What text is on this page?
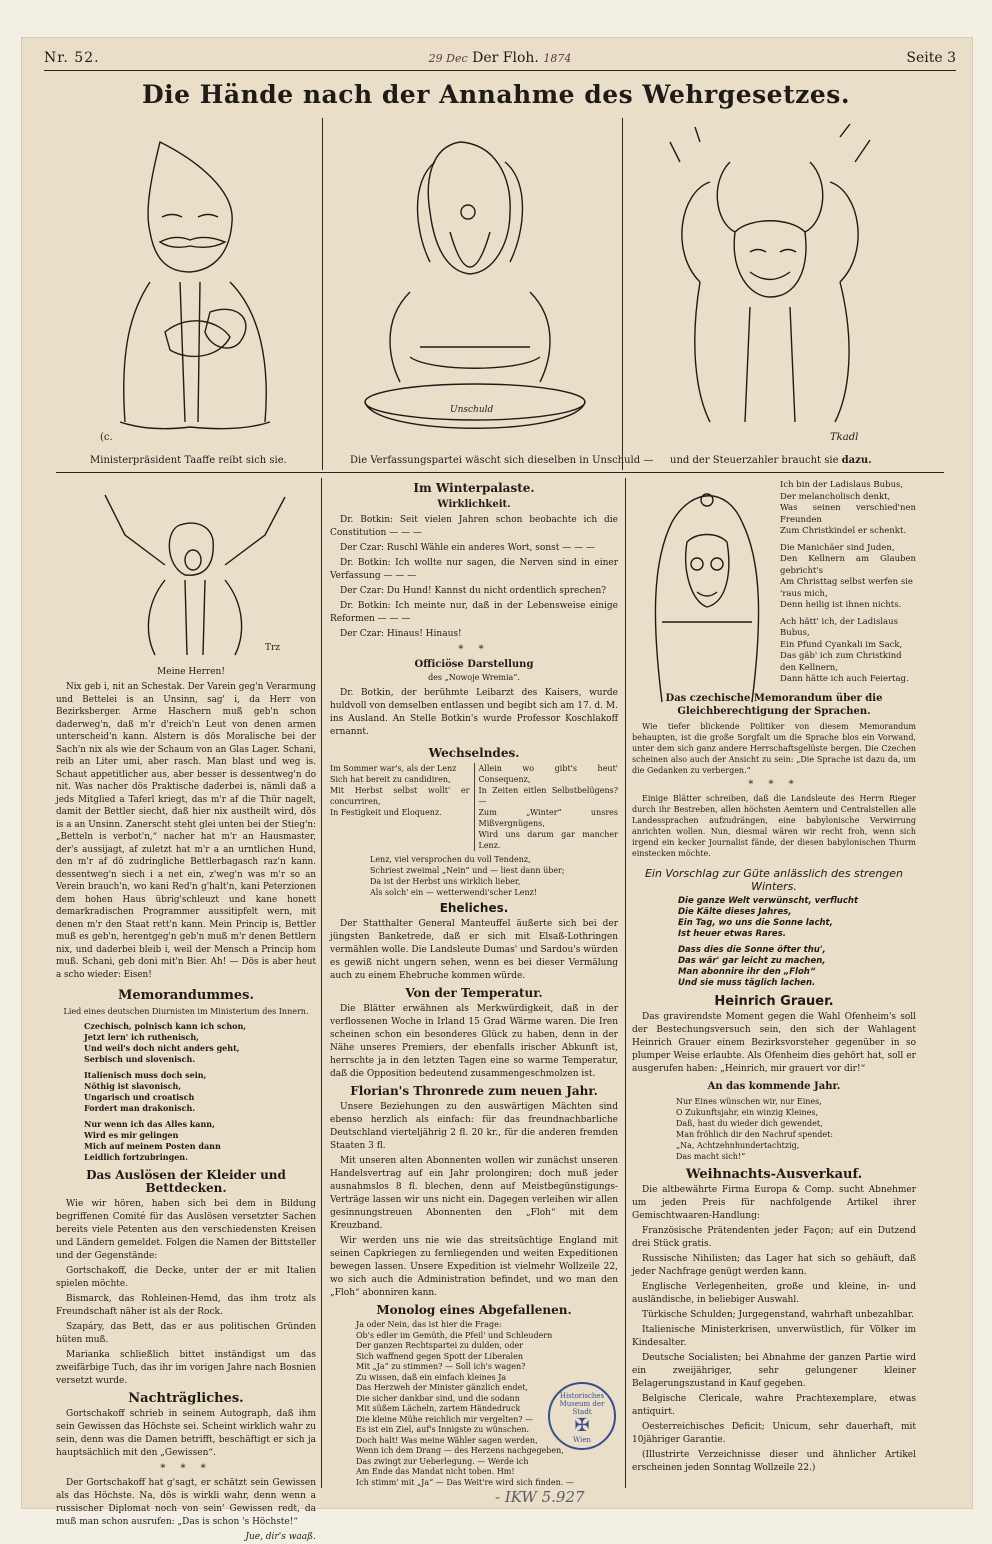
Nr. 52.	29 Dec Der Floh. 1874	Seite 3
Die Hände nach der Annahme des Wehrgesetzes.
(c.
Ministerpräsident Taaffe reibt sich sie.
Unschuld
Die Verfassungspartei wäscht sich dieselben in Unschuld —
Tkadl
und der Steuerzahler braucht sie dazu.
Trz

Meine Herren!

Nix geb i, nit an Schestak. Der Varein geg'n Verarmung und Bettelei is an Unsinn, sag' i, da Herr von Bezirksberger. Arme Haschern muß geb'n schon daderweg'n, daß m'r d'reich'n Leut von denen armen unterscheid'n kann. Alstern is dös Moralische bei der Sach'n nix als wie der Schaum von an Glas Lager. Schani, reib an Liter umi, aber rasch. Man blast und weg is. Schaut appetitlicher aus, aber besser is dessentweg'n do nit. Was nacher dös Praktische daderbei is, nämli daß a jeds Mitglied a Taferl kriegt, das m'r af die Thür nagelt, damit der Bettler siecht, daß hier nix austheilt wird, dös is a an Unsinn. Zanerscht steht glei unten bei der Stieg'n: „Betteln is verbot'n,“ nacher hat m'r an Hausmaster, der's aussijagt, af zuletzt hat m'r a an urntlichen Hund, den m'r af dö zudringliche Bettlerbagasch raz'n kann. dessentweg'n siech i a net ein, z'weg'n was m'r so an Verein brauch'n, wo kani Red'n g'halt'n, kani Peterzionen dem hohen Haus übrig'schleuzt und kane honett demarkradischen Programmer aussitipfelt wern, mit denen m'r den Staat rett'n kann. Mein Princip is, Bettler muß es geb'n, herentgeg'n geb'n muß m'r denen Bettlern nix, und daderbei bleib i, weil der Mensch a Princip hom muß. Schani, geb doni mit'n Bier. Ah! — Dös is aber heut a scho wieder: Eisen!

Memorandummes.
Lied eines deutschen Diurnisten im Ministerium des Innern.
Czechisch, polnisch kann ich schon,
Jetzt lern' ich ruthenisch,
Und weil's doch nicht anders geht,
Serbisch und slovenisch.
Italienisch muss doch sein,
Nöthig ist slavonisch,
Ungarisch und croatisch
Fordert man drakonisch.
Nur wenn ich das Alles kann,
Wird es mir gelingen
Mich auf meinem Posten dann
Leidlich fortzubringen.
Das Auslösen der Kleider und Bettdecken.

Wie wir hören, haben sich bei dem in Bildung begriffenen Comité für das Auslösen versetzter Sachen bereits viele Petenten aus den verschiedensten Kreisen und Ländern gemeldet. Folgen die Namen der Bittsteller und der Gegenstände:

Gortschakoff, die Decke, unter der er mit Italien spielen möchte.

Bismarck, das Rohleinen-Hemd, das ihm trotz als Freundschaft näher ist als der Rock.

Szapáry, das Bett, das er aus politischen Gründen hüten muß.

Marianka schließlich bittet inständigst um das zweifärbige Tuch, das ihr im vorigen Jahre nach Bosnien versetzt wurde.

Nachträgliches.

Gortschakoff schrieb in seinem Autograph, daß ihm sein Gewissen das Höchste sei. Scheint wirklich wahr zu sein, denn was die Damen betrifft, beschäftigt er sich ja hauptsächlich mit den „Gewissen“.

* * *

Der Gortschakoff hat g'sagt, er schätzt sein Gewissen als das Höchste. Na, dös is wirkli wahr, denn wenn a russischer Diplomat noch von sein' Gewissen redt, da muß man schon ausrufen: „Das is schon 's Höchste!“

Jue, dir's waaß.
Im Winterpalaste.
Wirklichkeit.

Dr. Botkin: Seit vielen Jahren schon beobachte ich die Constitution — — —

Der Czar: Ruschl Wähle ein anderes Wort, sonst — — —

Dr. Botkin: Ich wollte nur sagen, die Nerven sind in einer Verfassung — — —

Der Czar: Du Hund! Kannst du nicht ordentlich sprechen?

Dr. Botkin: Ich meinte nur, daß in der Lebensweise einige Reformen — — —

Der Czar: Hinaus! Hinaus!

* *
Officiöse Darstellung
des „Nowoje Wremia“.

Dr. Botkin, der berühmte Leibarzt des Kaisers, wurde huldvoll von demselben entlassen und begibt sich am 17. d. M. ins Ausland. An Stelle Botkin's wurde Professor Koschlakoff ernannt.

Wechselndes.
Im Sommer war's, als der Lenz
Sich hat bereit zu candidiren,
Mit Herbst selbst wollt' er concurriren,
In Festigkeit und Eloquenz.
Allein wo gibt's heut' Consequenz,
In Zeiten eitlen Selbstbelügens? —
Zum „Winter“ unsres Mißvergnügens,
Wird uns darum gar mancher Lenz.
Lenz, viel versprochen du voll Tendenz,
Schriest zweimal „Nein“ und — liest dann über;
Da ist der Herbst uns wirklich lieber,
Als solch' ein — wetterwendi'scher Lenz!
Eheliches.

Der Statthalter General Manteuffel äußerte sich bei der jüngsten Banketrede, daß er sich mit Elsaß-Lothringen vermählen wolle. Die Landsleute Dumas' und Sardou's würden es gewiß nicht ungern sehen, wenn es bei dieser Vermälung auch zu einem Ehebruche kommen würde.

Von der Temperatur.

Die Blätter erwähnen als Merkwürdigkeit, daß in der verflossenen Woche in Irland 15 Grad Wärme waren. Die Iren scheinen schon ein besonderes Glück zu haben, denn in der Nähe unseres Premiers, der ebenfalls irischer Abkunft ist, herrschte ja in den letzten Tagen eine so warme Temperatur, daß die Opposition bedeutend zusammengeschmolzen ist.

Florian's Thronrede zum neuen Jahr.

Unsere Beziehungen zu den auswärtigen Mächten sind ebenso herzlich als einfach: für das freundnachbarliche Deutschland vierteljährig 2 fl. 20 kr., für die anderen fremden Staaten 3 fl.

Mit unseren alten Abonnenten wollen wir zunächst unseren Handelsvertrag auf ein Jahr prolongiren; doch muß jeder ausnahmslos 8 fl. blechen, denn auf Meistbegünstigungs-Verträge lassen wir uns nicht ein. Dagegen verleihen wir allen gesinnungstreuen Abonnenten den „Floh“ mit dem Kreuzband.

Wir werden uns nie wie das streitsüchtige England mit seinen Capkriegen zu fernliegenden und weiten Expeditionen bewegen lassen. Unsere Expedition ist vielmehr Wollzeile 22, wo sich auch die Administration befindet, und wo man den „Floh“ abonniren kann.

Monolog eines Abgefallenen.
Ja oder Nein, das ist hier die Frage:
Ob's edler im Gemüth, die Pfeil' und Schleudern
Der ganzen Rechtspartei zu dulden, oder
Sich waffnend gegen Spott der Liberalen
Mit „Ja“ zu stimmen? — Soll ich's wagen?
Zu wissen, daß ein einfach kleines Ja
Das Herzweh der Minister gänzlich endet,
Die sicher dankbar sind, und die sodann
Mit süßem Lächeln, zartem Händedruck
Die kleine Mühe reichlich mir vergelten? —
Es ist ein Ziel, auf's Innigste zu wünschen.
Doch halt! Was meine Wähler sagen werden,
Wenn ich dem Drang — des Herzens nachgegeben,
Das zwingt zur Ueberlegung. — Werde ich
Am Ende das Mandat nicht toben. Hm!
Ich stimm' mit „Ja“ — Das Weit're wird sich finden. —
Ich bin der Ladislaus Bubus,
Der melancholisch denkt,
Was seinen verschied'nen Freunden
Zum Christkindel er schenkt.
Die Manichäer sind Juden,
Den Kellnern am Glauben gebricht's
Am Christtag selbst werfen sie
'raus mich,
Denn heilig ist ihnen nichts.
Ach hätt' ich, der Ladislaus
Bubus,
Ein Pfund Cyankali im Sack,
Das gäb' ich zum Christkind
den Kellnern,
Dann hätte ich auch Feiertag.
Das czechische Memorandum über die Gleichberechtigung der Sprachen.

Wie tiefer blickende Politiker von diesem Memorandum behaupten, ist die große Sorgfalt um die Sprache blos ein Vorwand, unter dem sich ganz andere Herrschaftsgelüste bergen. Die Czechen scheinen also auch der Ansicht zu sein: „Die Sprache ist dazu da, um die Gedanken zu verbergen.“

* * *

Einige Blätter schreiben, daß die Landsleute des Herrn Rieger durch ihr Bestreben, allen höchsten Aemtern und Centralstellen alle Landessprachen aufzudrängen, eine babylonische Verwirrung anrichten wollen. Nun, diesmal wären wir recht froh, wenn sich irgend ein kecker Journalist fände, der diesen babylonischen Thurm einstecken möchte.

Ein Vorschlag zur Güte anlässlich des strengen Winters.
Die ganze Welt verwünscht, verflucht
Die Kälte dieses Jahres,
Ein Tag, wo uns die Sonne lacht,
Ist heuer etwas Rares.
Dass dies die Sonne öfter thu',
Das wär' gar leicht zu machen,
Man abonnire ihr den „Floh“
Und sie muss täglich lachen.
Heinrich Grauer.

Das gravirendste Moment gegen die Wahl Ofenheim's soll der Bestechungsversuch sein, den sich der Wahlagent Heinrich Grauer einem Bezirksvorsteher gegenüber in so plumper Weise erlaubte. Als Ofenheim dies gehört hat, soll er ausgerufen haben: „Heinrich, mir grauert vor dir!“

An das kommende Jahr.
Nur Eines wünschen wir, nur Eines,
O Zukunftsjahr, ein winzig Kleines,
Daß, hast du wieder dich gewendet,
Man fröhlich dir den Nachruf spendet:
„Na, Achtzehnhundertachtzig,
Das macht sich!“
Weihnachts-Ausverkauf.

Die altbewährte Firma Europa & Comp. sucht Abnehmer um jeden Preis für nachfolgende Artikel ihrer Gemischtwaaren-Handlung:

Französische Prätendenten jeder Façon; auf ein Dutzend drei Stück gratis.

Russische Nihilisten; das Lager hat sich so gehäuft, daß jeder Nachfrage genügt werden kann.

Englische Verlegenheiten, große und kleine, in- und ausländische, in beliebiger Auswahl.

Türkische Schulden; Jurgegenstand, wahrhaft unbezahlbar.

Italienische Ministerkrisen, unverwüstlich, für Völker im Kindesalter.

Deutsche Socialisten; bei Abnahme der ganzen Partie wird ein zweijähriger, sehr gelungener kleiner Belagerungszustand in Kauf gegeben.

Belgische Clericale, wahre Prachtexemplare, etwas antiquirt.

Oesterreichisches Deficit; Unicum, sehr dauerhaft, mit 10jähriger Garantie.

(Illustrirte Verzeichnisse dieser und ähnlicher Artikel erscheinen jeden Sonntag Wollzeile 22.)

Historisches Museum der Stadt
✠
Wien
- IKW 5.927
